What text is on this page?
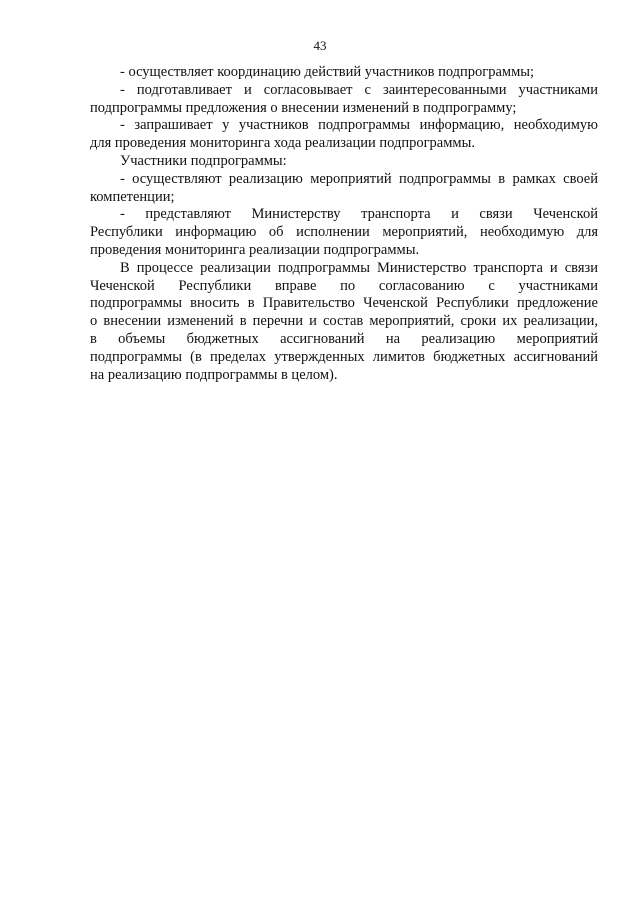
43
- осуществляет координацию действий участников подпрограммы;
- подготавливает и согласовывает с заинтересованными участниками
подпрограммы предложения о внесении изменений в подпрограмму;
- запрашивает у участников подпрограммы информацию, необходимую
для проведения мониторинга хода реализации подпрограммы.
Участники подпрограммы:
- осуществляют реализацию мероприятий подпрограммы в рамках своей
компетенции;
- представляют Министерству транспорта и связи Чеченской
Республики информацию об исполнении мероприятий, необходимую для
проведения мониторинга реализации подпрограммы.
В процессе реализации подпрограммы Министерство транспорта и связи
Чеченской Республики вправе по согласованию с участниками
подпрограммы вносить в Правительство Чеченской Республики предложение
о внесении изменений в перечни и состав мероприятий, сроки их реализации,
в объемы бюджетных ассигнований на реализацию мероприятий
подпрограммы (в пределах утвержденных лимитов бюджетных ассигнований
на реализацию подпрограммы в целом).
